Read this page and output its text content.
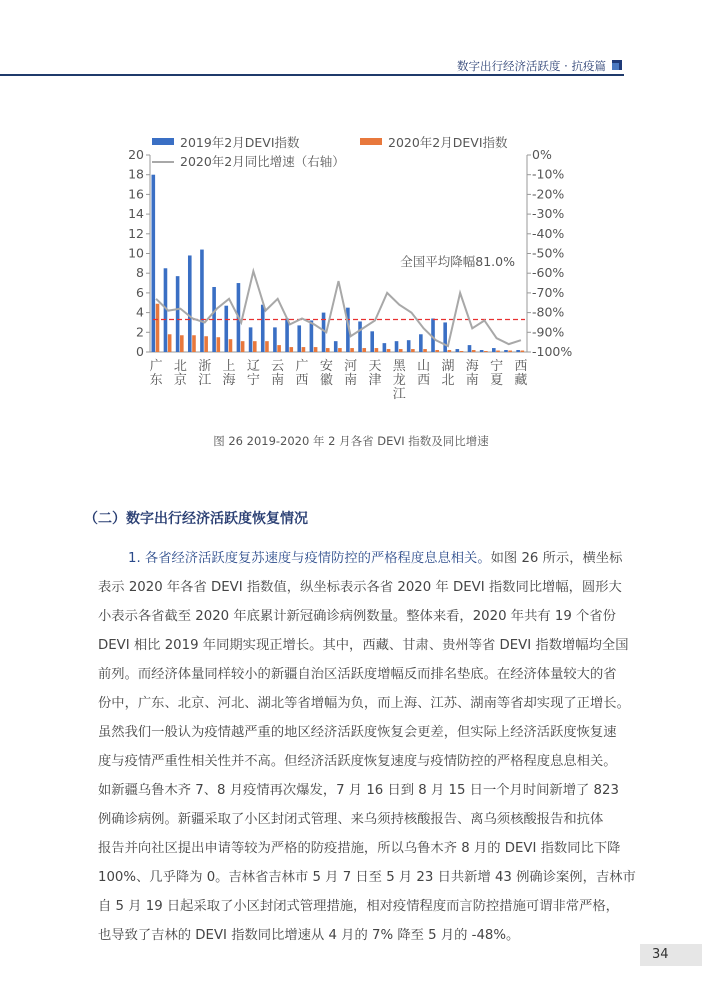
数字出行经济活跃度 · 抗疫篇
0
2
4
6
8
10
12
14
16
18
20
-100%
-90%
-80%
-70%
-60%
-50%
-40%
-30%
-20%
-10%
0%
全国平均降幅81.0%
广
东
北
京
浙
江
上
海
辽
宁
云
南
广
西
安
徽
河
南
天
津
黑
龙
江
山
西
湖
北
海
南
宁
夏
西
藏
2019年2月DEVI指数	2020年2月DEVI指数
2020年2月同比增速（右轴）
图 26 2019-2020 年 2 月各省 DEVI 指数及同比增速
（二）数字出行经济活跃度恢复情况
1. 各省经济活跃度复苏速度与疫情防控的严格程度息息相关。如图 26 所示，横坐标
表示 2020 年各省 DEVI 指数值，纵坐标表示各省 2020 年 DEVI 指数同比增幅，圆形大
小表示各省截至 2020 年底累计新冠确诊病例数量。整体来看，2020 年共有 19 个省份
DEVI 相比 2019 年同期实现正增长。其中，西藏、甘肃、贵州等省 DEVI 指数增幅均全国
前列。而经济体量同样较小的新疆自治区活跃度增幅反而排名垫底。在经济体量较大的省
份中，广东、北京、河北、湖北等省增幅为负，而上海、江苏、湖南等省却实现了正增长。
虽然我们一般认为疫情越严重的地区经济活跃度恢复会更差，但实际上经济活跃度恢复速
度与疫情严重性相关性并不高。但经济活跃度恢复速度与疫情防控的严格程度息息相关。
如新疆乌鲁木齐 7、8 月疫情再次爆发，7 月 16 日到 8 月 15 日一个月时间新增了 823
例确诊病例。新疆采取了小区封闭式管理、来乌须持核酸报告、离乌须核酸报告和抗体
报告并向社区提出申请等较为严格的防疫措施，所以乌鲁木齐 8 月的 DEVI 指数同比下降
100%、几乎降为 0。吉林省吉林市 5 月 7 日至 5 月 23 日共新增 43 例确诊案例，吉林市
自 5 月 19 日起采取了小区封闭式管理措施，相对疫情程度而言防控措施可谓非常严格，
也导致了吉林的 DEVI 指数同比增速从 4 月的 7% 降至 5 月的 -48%。
34
